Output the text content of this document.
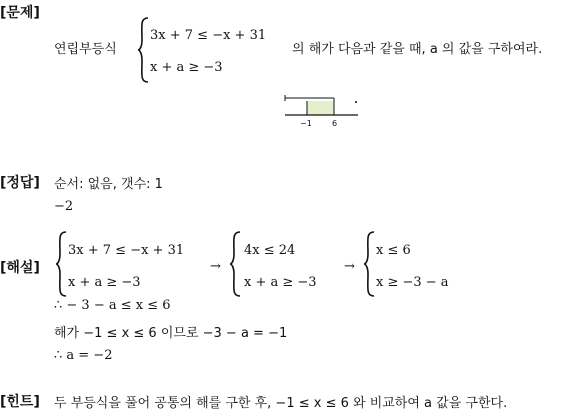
[문제]
연립부등식
3x + 7 ≤ −x + 31
x + a ≥ −3
의 해가 다음과 같을 때, a 의 값을 구하여라.
−1	6
[정답] 순서: 없음, 갯수: 1
−2
[해설]
3x + 7 ≤ −x + 31
x + a ≥ −3
→
4x ≤ 24
x + a ≥ −3
→
x ≤ 6
x ≥ −3 − a
∴ − 3 − a ≤ x ≤ 6
해가 −1 ≤ x ≤ 6 이므로 −3 − a = −1
∴ a = −2
[힌트] 두 부등식을 풀어 공통의 해를 구한 후, −1 ≤ x ≤ 6 와 비교하여 a 값을 구한다.
